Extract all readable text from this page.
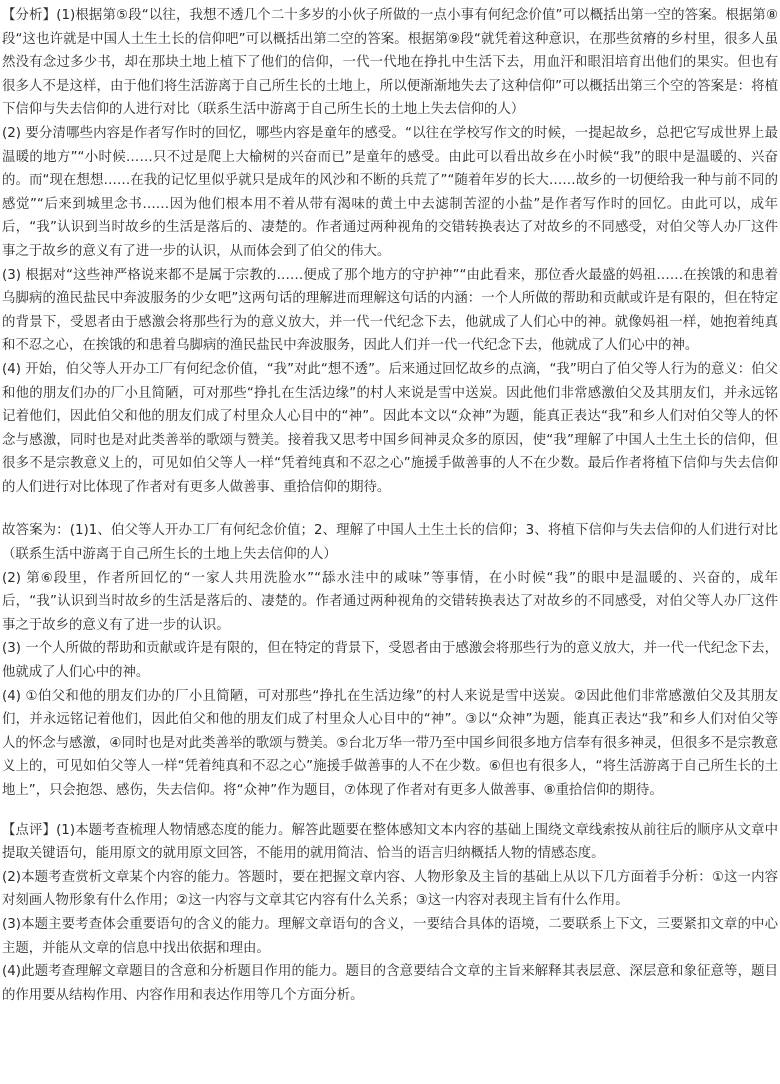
【分析】(1)根据第⑤段“以往，我想不透几个二十多岁的小伙子所做的一点小事有何纪念价值”可以概括出第一空的答案。根据第⑧段“这也许就是中国人土生土长的信仰吧”可以概括出第二空的答案。根据第⑨段“就凭着这种意识，在那些贫瘠的乡村里，很多人虽然没有念过多少书，却在那块土地上植下了他们的信仰，一代一代地在挣扎中生活下去，用血汗和眼泪培育出他们的果实。但也有很多人不是这样，由于他们将生活游离于自己所生长的土地上，所以便渐渐地失去了这种信仰”可以概括出第三个空的答案是：将植下信仰与失去信仰的人进行对比（联系生活中游离于自己所生长的土地上失去信仰的人）

(2) 要分清哪些内容是作者写作时的回忆，哪些内容是童年的感受。“以往在学校写作文的时候，一提起故乡，总把它写成世界上最温暖的地方”“小时候……只不过是爬上大榆树的兴奋而已”是童年的感受。由此可以看出故乡在小时候“我”的眼中是温暖的、兴奋的。而“现在想想……在我的记忆里似乎就只是成年的风沙和不断的兵荒了”“随着年岁的长大……故乡的一切便给我一种与前不同的感觉”“后来到城里念书……因为他们根本用不着从带有渴味的黄土中去滤制苦涩的小盐”是作者写作时的回忆。由此可以，成年后，“我”认识到当时故乡的生活是落后的、凄楚的。作者通过两种视角的交错转换表达了对故乡的不同感受，对伯父等人办厂这件事之于故乡的意义有了进一步的认识，从而体会到了伯父的伟大。

(3) 根据对“这些神严格说来都不是属于宗教的……便成了那个地方的守护神”“由此看来，那位香火最盛的妈祖……在挨饿的和患着乌脚病的渔民盐民中奔波服务的少女吧”这两句话的理解进而理解这句话的内涵：一个人所做的帮助和贡献或许是有限的，但在特定的背景下，受恩者由于感激会将那些行为的意义放大，并一代一代纪念下去，他就成了人们心中的神。就像妈祖一样，她抱着纯真和不忍之心，在挨饿的和患着乌脚病的渔民盐民中奔波服务，因此人们并一代一代纪念下去，他就成了人们心中的神。

(4) 开始，伯父等人开办工厂有何纪念价值，“我”对此“想不透”。后来通过回忆故乡的点滴，“我”明白了伯父等人行为的意义：伯父和他的朋友们办的厂小且简陋，可对那些“挣扎在生活边缘”的村人来说是雪中送炭。因此他们非常感激伯父及其朋友们，并永远铭记着他们，因此伯父和他的朋友们成了村里众人心目中的“神”。因此本文以“众神”为题，能真正表达“我”和乡人们对伯父等人的怀念与感激，同时也是对此类善举的歌颂与赞美。接着我又思考中国乡间神灵众多的原因，使“我”理解了中国人土生土长的信仰，但很多不是宗教意义上的，可见如伯父等人一样“凭着纯真和不忍之心”施援手做善事的人不在少数。最后作者将植下信仰与失去信仰的人们进行对比体现了作者对有更多人做善事、重拾信仰的期待。

故答案为：(1)1、伯父等人开办工厂有何纪念价值；2、理解了中国人土生土长的信仰；3、将植下信仰与失去信仰的人们进行对比（联系生活中游离于自己所生长的土地上失去信仰的人）

(2) 第⑥段里，作者所回忆的“一家人共用洗脸水”“舔水洼中的咸味”等事情，在小时候“我”的眼中是温暖的、兴奋的，成年后，“我”认识到当时故乡的生活是落后的、凄楚的。作者通过两种视角的交错转换表达了对故乡的不同感受，对伯父等人办厂这件事之于故乡的意义有了进一步的认识。

(3) 一个人所做的帮助和贡献或许是有限的，但在特定的背景下，受恩者由于感激会将那些行为的意义放大，并一代一代纪念下去，他就成了人们心中的神。

(4) ①伯父和他的朋友们办的厂小且简陋，可对那些“挣扎在生活边缘”的村人来说是雪中送炭。②因此他们非常感激伯父及其朋友们，并永远铭记着他们，因此伯父和他的朋友们成了村里众人心目中的“神”。③以“众神”为题，能真正表达“我”和乡人们对伯父等人的怀念与感激，④同时也是对此类善举的歌颂与赞美。⑤台北万华一带乃至中国乡间很多地方信奉有很多神灵，但很多不是宗教意义上的，可见如伯父等人一样“凭着纯真和不忍之心”施援手做善事的人不在少数。⑥但也有很多人，“将生活游离于自己所生长的土地上”，只会抱怨、感伤，失去信仰。将“众神”作为题目，⑦体现了作者对有更多人做善事、⑧重拾信仰的期待。

【点评】(1)本题考查梳理人物情感态度的能力。解答此题要在整体感知文本内容的基础上围绕文章线索按从前往后的顺序从文章中提取关键语句，能用原文的就用原文回答，不能用的就用简洁、恰当的语言归纳概括人物的情感态度。

(2)本题考查赏析文章某个内容的能力。答题时，要在把握文章内容、人物形象及主旨的基础上从以下几方面着手分析：①这一内容对刻画人物形象有什么作用；②这一内容与文章其它内容有什么关系；③这一内容对表现主旨有什么作用。

(3)本题主要考查体会重要语句的含义的能力。理解文章语句的含义，一要结合具体的语境，二要联系上下文，三要紧扣文章的中心主题，并能从文章的信息中找出依据和理由。

(4)此题考查理解文章题目的含意和分析题目作用的能力。题目的含意要结合文章的主旨来解释其表层意、深层意和象征意等，题目的作用要从结构作用、内容作用和表达作用等几个方面分析。
